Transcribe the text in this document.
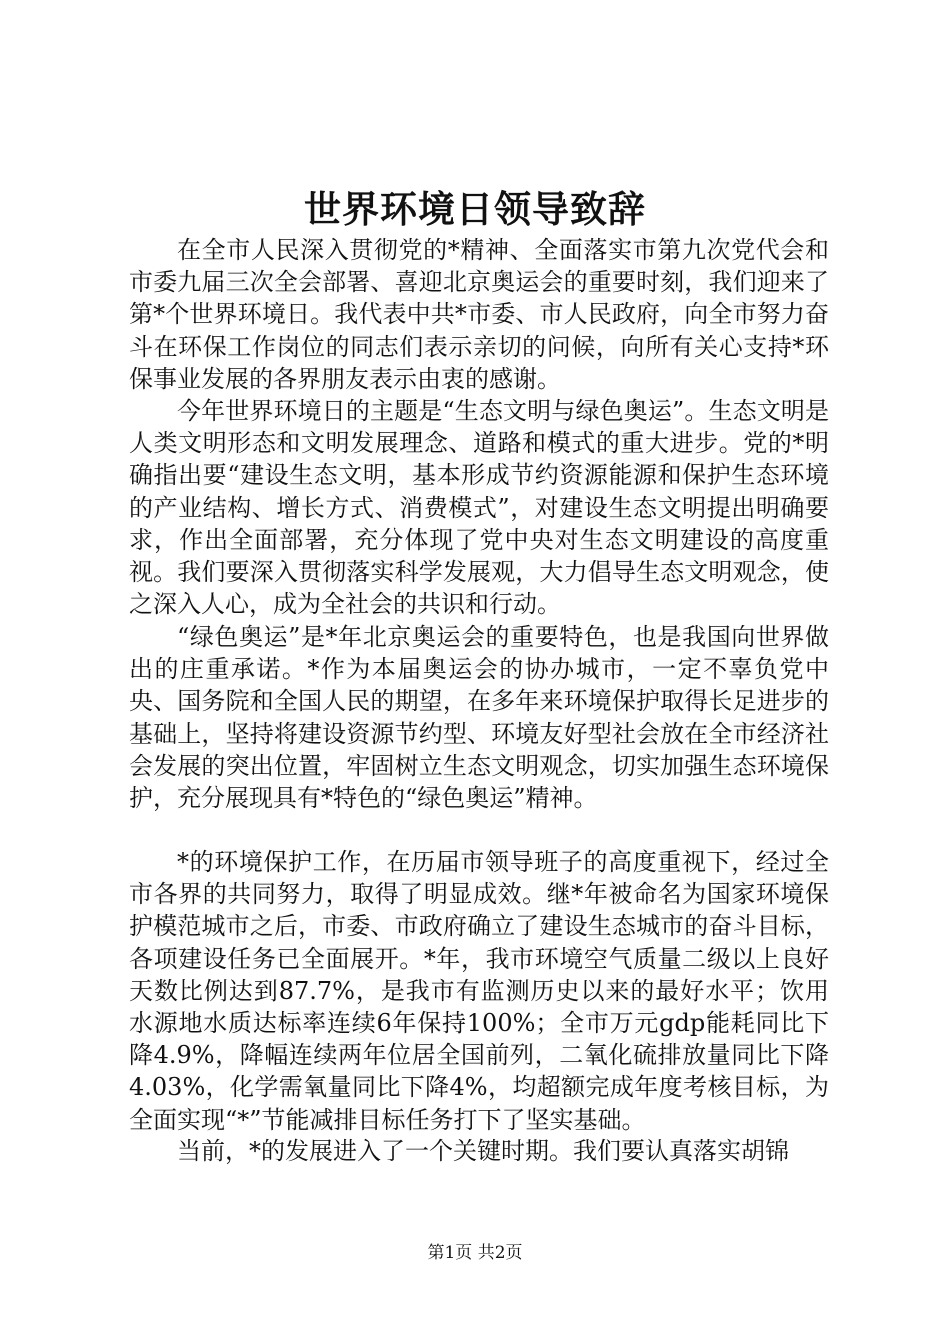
世界环境日领导致辞

在全市人民深入贯彻党的*精神、全面落实市第九次党代会和市委九届三次全会部署、喜迎北京奥运会的重要时刻，我们迎来了第*个世界环境日。我代表中共*市委、市人民政府，向全市努力奋斗在环保工作岗位的同志们表示亲切的问候，向所有关心支持*环保事业发展的各界朋友表示由衷的感谢。

今年世界环境日的主题是“生态文明与绿色奥运”。生态文明是人类文明形态和文明发展理念、道路和模式的重大进步。党的*明确指出要“建设生态文明，基本形成节约资源能源和保护生态环境的产业结构、增长方式、消费模式”，对建设生态文明提出明确要求，作出全面部署，充分体现了党中央对生态文明建设的高度重视。我们要深入贯彻落实科学发展观，大力倡导生态文明观念，使之深入人心，成为全社会的共识和行动。

“绿色奥运”是*年北京奥运会的重要特色，也是我国向世界做出的庄重承诺。*作为本届奥运会的协办城市，一定不辜负党中央、国务院和全国人民的期望，在多年来环境保护取得长足进步的基础上，坚持将建设资源节约型、环境友好型社会放在全市经济社会发展的突出位置，牢固树立生态文明观念，切实加强生态环境保护，充分展现具有*特色的“绿色奥运”精神。

*的环境保护工作，在历届市领导班子的高度重视下，经过全市各界的共同努力，取得了明显成效。继*年被命名为国家环境保护模范城市之后，市委、市政府确立了建设生态城市的奋斗目标，各项建设任务已全面展开。*年，我市环境空气质量二级以上良好天数比例达到87.7%，是我市有监测历史以来的最好水平；饮用水源地水质达标率连续6年保持100%；全市万元gdp能耗同比下降4.9%，降幅连续两年位居全国前列，二氧化硫排放量同比下降4.03%，化学需氧量同比下降4%，均超额完成年度考核目标，为全面实现“*”节能减排目标任务打下了坚实基础。

当前，*的发展进入了一个关键时期。我们要认真落实胡锦

第1页 共2页
